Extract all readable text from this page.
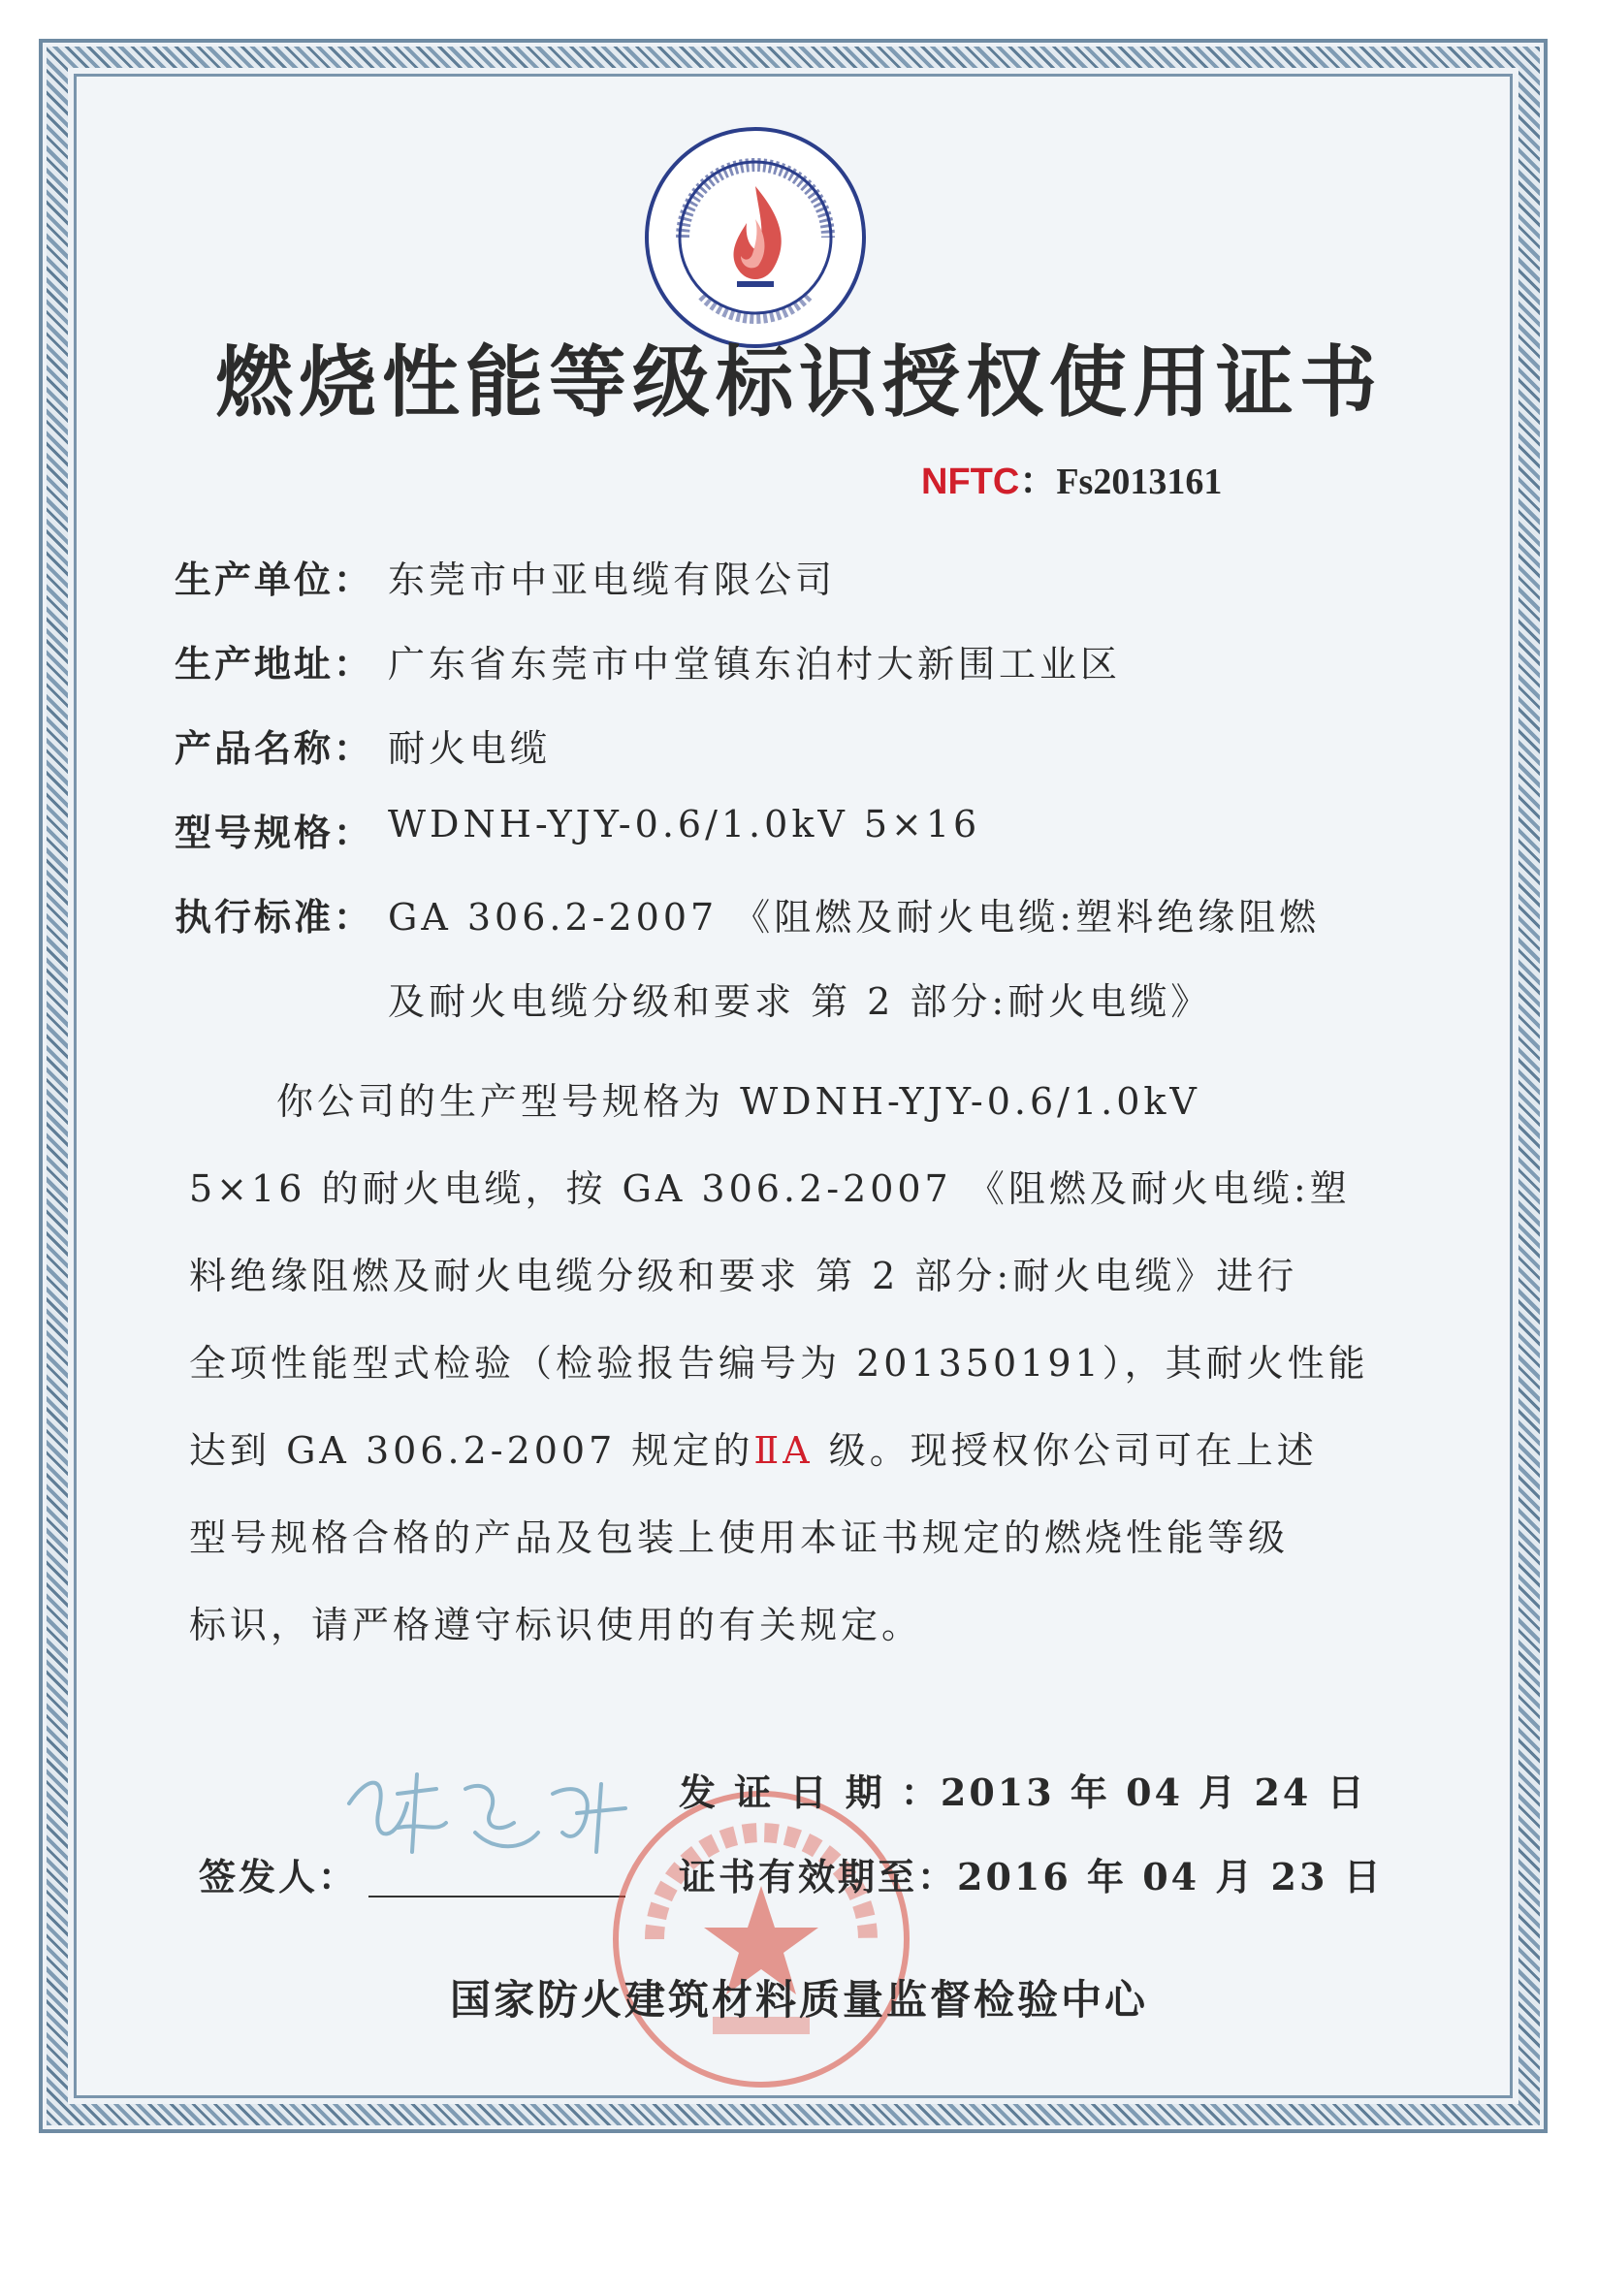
燃烧性能等级标识授权使用证书
NFTC：Fs2013161
生产单位： 东莞市中亚电缆有限公司
生产地址： 广东省东莞市中堂镇东泊村大新围工业区
产品名称： 耐火电缆
型号规格： WDNH-YJY-0.6/1.0kV 5×16
执行标准： GA 306.2-2007 《阻燃及耐火电缆:塑料绝缘阻燃
及耐火电缆分级和要求 第 2 部分:耐火电缆》
你公司的生产型号规格为 WDNH-YJY-0.6/1.0kV
5×16 的耐火电缆，按 GA 306.2-2007 《阻燃及耐火电缆:塑
料绝缘阻燃及耐火电缆分级和要求 第 2 部分:耐火电缆》进行
全项性能型式检验（检验报告编号为 201350191），其耐火性能
达到 GA 306.2-2007 规定的ⅡA 级。现授权你公司可在上述
型号规格合格的产品及包装上使用本证书规定的燃烧性能等级
标识，请严格遵守标识使用的有关规定。
签发人：
发 证 日 期 ：2013 年 04 月 24 日
证书有效期至：2016 年 04 月 23 日
国家防火建筑材料质量监督检验中心
